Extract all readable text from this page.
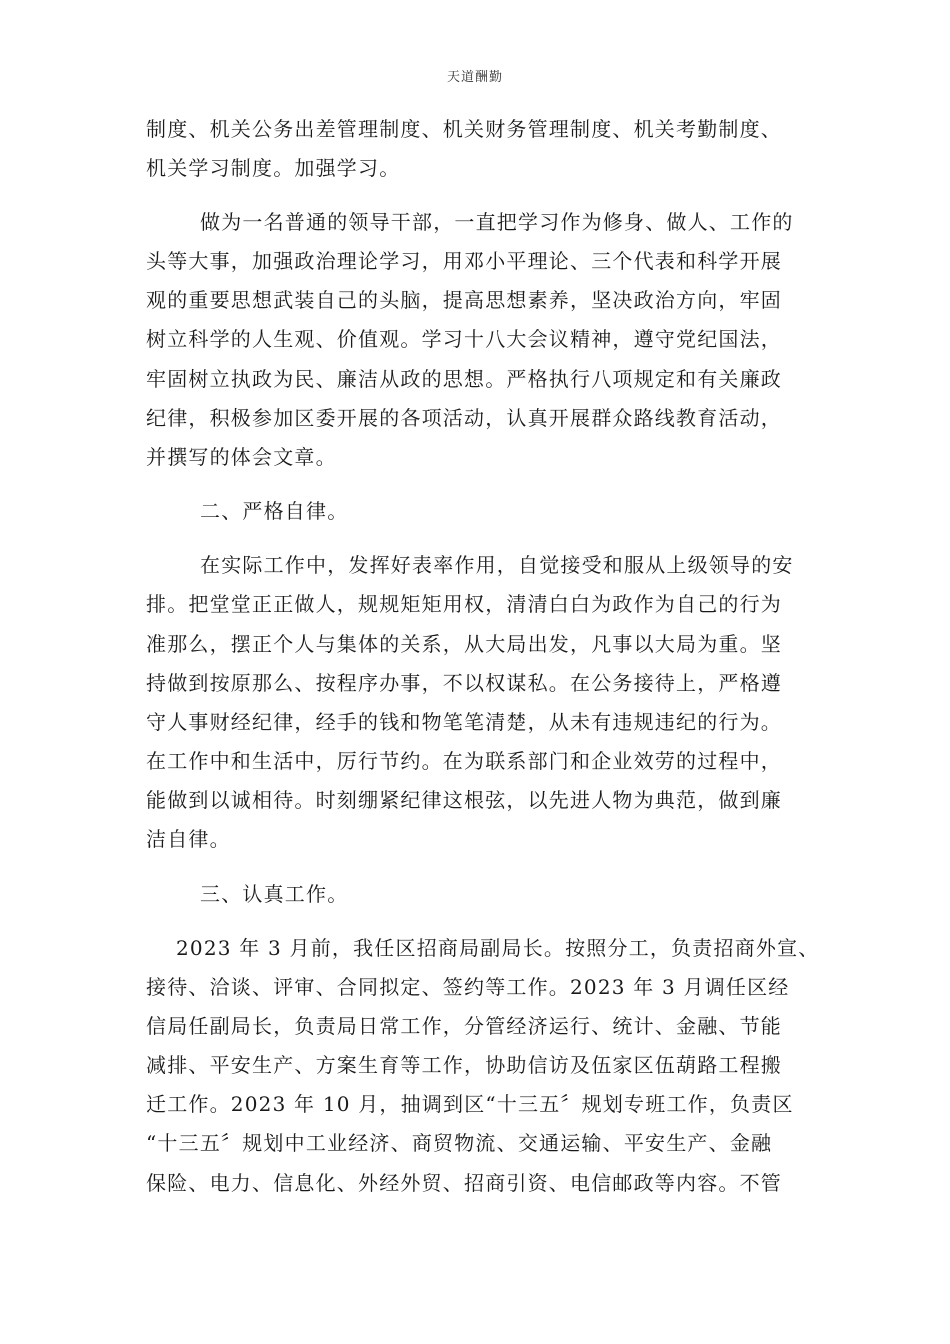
天道酬勤
制度、机关公务出差管理制度、机关财务管理制度、机关考勤制度、
机关学习制度。加强学习。
做为一名普通的领导干部，一直把学习作为修身、做人、工作的
头等大事，加强政治理论学习，用邓小平理论、三个代表和科学开展
观的重要思想武装自己的头脑，提高思想素养，坚决政治方向，牢固
树立科学的人生观、价值观。学习十八大会议精神，遵守党纪国法，
牢固树立执政为民、廉洁从政的思想。严格执行八项规定和有关廉政
纪律，积极参加区委开展的各项活动，认真开展群众路线教育活动，
并撰写的体会文章。
二、严格自律。
在实际工作中，发挥好表率作用，自觉接受和服从上级领导的安
排。把堂堂正正做人，规规矩矩用权，清清白白为政作为自己的行为
准那么，摆正个人与集体的关系，从大局出发，凡事以大局为重。坚
持做到按原那么、按程序办事，不以权谋私。在公务接待上，严格遵
守人事财经纪律，经手的钱和物笔笔清楚，从未有违规违纪的行为。
在工作中和生活中，厉行节约。在为联系部门和企业效劳的过程中，
能做到以诚相待。时刻绷紧纪律这根弦，以先进人物为典范，做到廉
洁自律。
三、认真工作。
2023 年 3 月前，我任区招商局副局长。按照分工，负责招商外宣、
接待、洽谈、评审、合同拟定、签约等工作。2023 年 3 月调任区经
信局任副局长，负责局日常工作，分管经济运行、统计、金融、节能
减排、平安生产、方案生育等工作，协助信访及伍家区伍葫路工程搬
迁工作。2023 年 10 月，抽调到区“十三五〞规划专班工作，负责区
“十三五〞规划中工业经济、商贸物流、交通运输、平安生产、金融
保险、电力、信息化、外经外贸、招商引资、电信邮政等内容。不管
